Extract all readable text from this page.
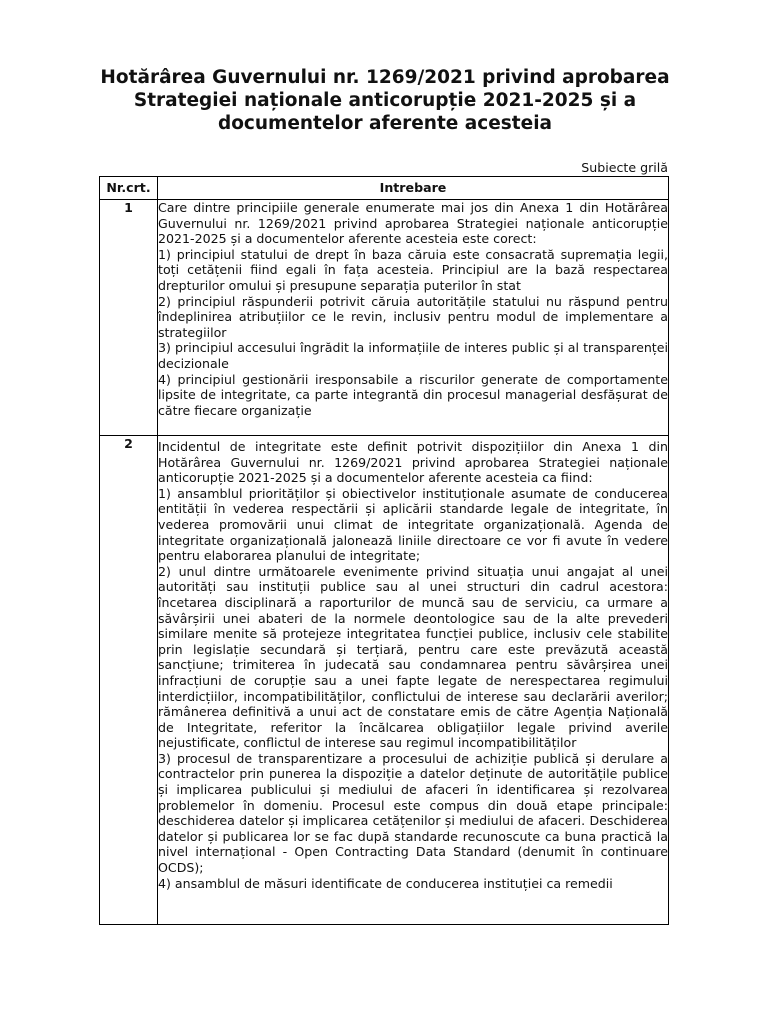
Hotărârea Guvernului nr. 1269/2021 privind aprobarea Strategiei naționale anticorupție 2021-2025 și a documentelor aferente acesteia
Subiecte grilă
Nr.crt.	Intrebare
1	Care dintre principiile generale enumerate mai jos din Anexa 1 din Hotărârea Guvernului nr. 1269/2021 privind aprobarea Strategiei naționale anticorupție 2021-2025 și a documentelor aferente acesteia este corect:

1) principiul statului de drept în baza căruia este consacrată supremația legii, toți cetățenii fiind egali în fața acesteia. Principiul are la bază respectarea drepturilor omului și presupune separația puterilor în stat

2) principiul răspunderii potrivit căruia autoritățile statului nu răspund pentru îndeplinirea atribuțiilor ce le revin, inclusiv pentru modul de implementare a strategiilor

3) principiul accesului îngrădit la informațiile de interes public și al transparenței decizionale

4) principiul gestionării iresponsabile a riscurilor generate de comportamente lipsite de integritate, ca parte integrantă din procesul managerial desfășurat de către fiecare organizație

2	Incidentul de integritate este definit potrivit dispozițiilor din Anexa 1 din Hotărârea Guvernului nr. 1269/2021 privind aprobarea Strategiei naționale anticorupție 2021-2025 și a documentelor aferente acesteia ca fiind:

1) ansamblul priorităților și obiectivelor instituționale asumate de conducerea entității în vederea respectării și aplicării standarde legale de integritate, în vederea promovării unui climat de integritate organizațională. Agenda de integritate organizațională jalonează liniile directoare ce vor fi avute în vedere pentru elaborarea planului de integritate;

2) unul dintre următoarele evenimente privind situația unui angajat al unei autorități sau instituții publice sau al unei structuri din cadrul acestora: încetarea disciplinară a raporturilor de muncă sau de serviciu, ca urmare a săvârșirii unei abateri de la normele deontologice sau de la alte prevederi similare menite să protejeze integritatea funcției publice, inclusiv cele stabilite prin legislație secundară și terțiară, pentru care este prevăzută această sancțiune; trimiterea în judecată sau condamnarea pentru săvârșirea unei infracțiuni de corupție sau a unei fapte legate de nerespectarea regimului interdicțiilor, incompatibilităților, conflictului de interese sau declarării averilor; rămânerea definitivă a unui act de constatare emis de către Agenția Națională de Integritate, referitor la încălcarea obligațiilor legale privind averile nejustificate, conflictul de interese sau regimul incompatibilităților

3) procesul de transparentizare a procesului de achiziție publică și derulare a contractelor prin punerea la dispoziție a datelor deținute de autoritățile publice și implicarea publicului și mediului de afaceri în identificarea și rezolvarea problemelor în domeniu. Procesul este compus din două etape principale: deschiderea datelor și implicarea cetățenilor și mediului de afaceri. Deschiderea datelor și publicarea lor se fac după standarde recunoscute ca buna practică la nivel internațional - Open Contracting Data Standard (denumit în continuare OCDS);

4) ansamblul de măsuri identificate de conducerea instituției ca remedii
